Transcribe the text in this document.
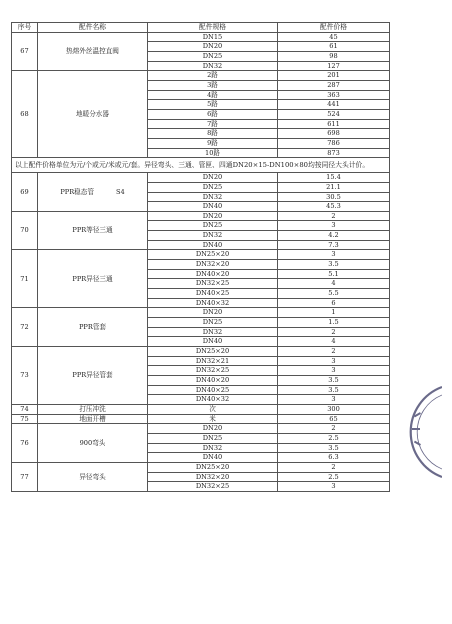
序号	配件名称	配件规格	配件价格
67	热熔外丝温控直阀	DN15	45
		DN20	61
		DN25	98
		DN32	127
68	地暖分水器	2路	201
		3路	287
		4路	363
		5路	441
		6路	524
		7路	611
		8路	698
		9路	786
		10路	873
以上配件价格单位为元/个或元/米或元/套。异径弯头、三通、管匣、四通DN20×15-DN100×80均按同径大头计价。			
69	PPR稳态管 S4	DN20	15.4
		DN25	21.1
		DN32	30.5
		DN40	45.3
70	PPR等径三通	DN20	2
		DN25	3
		DN32	4.2
		DN40	7.3
71	PPR异径三通	DN25×20	3
		DN32×20	3.5
		DN40×20	5.1
		DN32×25	4
		DN40×25	5.5
		DN40×32	6
72	PPR管套	DN20	1
		DN25	1.5
		DN32	2
		DN40	4
73	PPR异径管套	DN25×20	2
		DN32×21	3
		DN32×25	3
		DN40×20	3.5
		DN40×25	3.5
		DN40×32	3
74	打压冲洗	次	300
75	地面开槽	米	65
76	900弯头	DN20	2
		DN25	2.5
		DN32	3.5
		DN40	6.3
77	异径弯头	DN25×20	2
		DN32×20	2.5
		DN32×25	3
